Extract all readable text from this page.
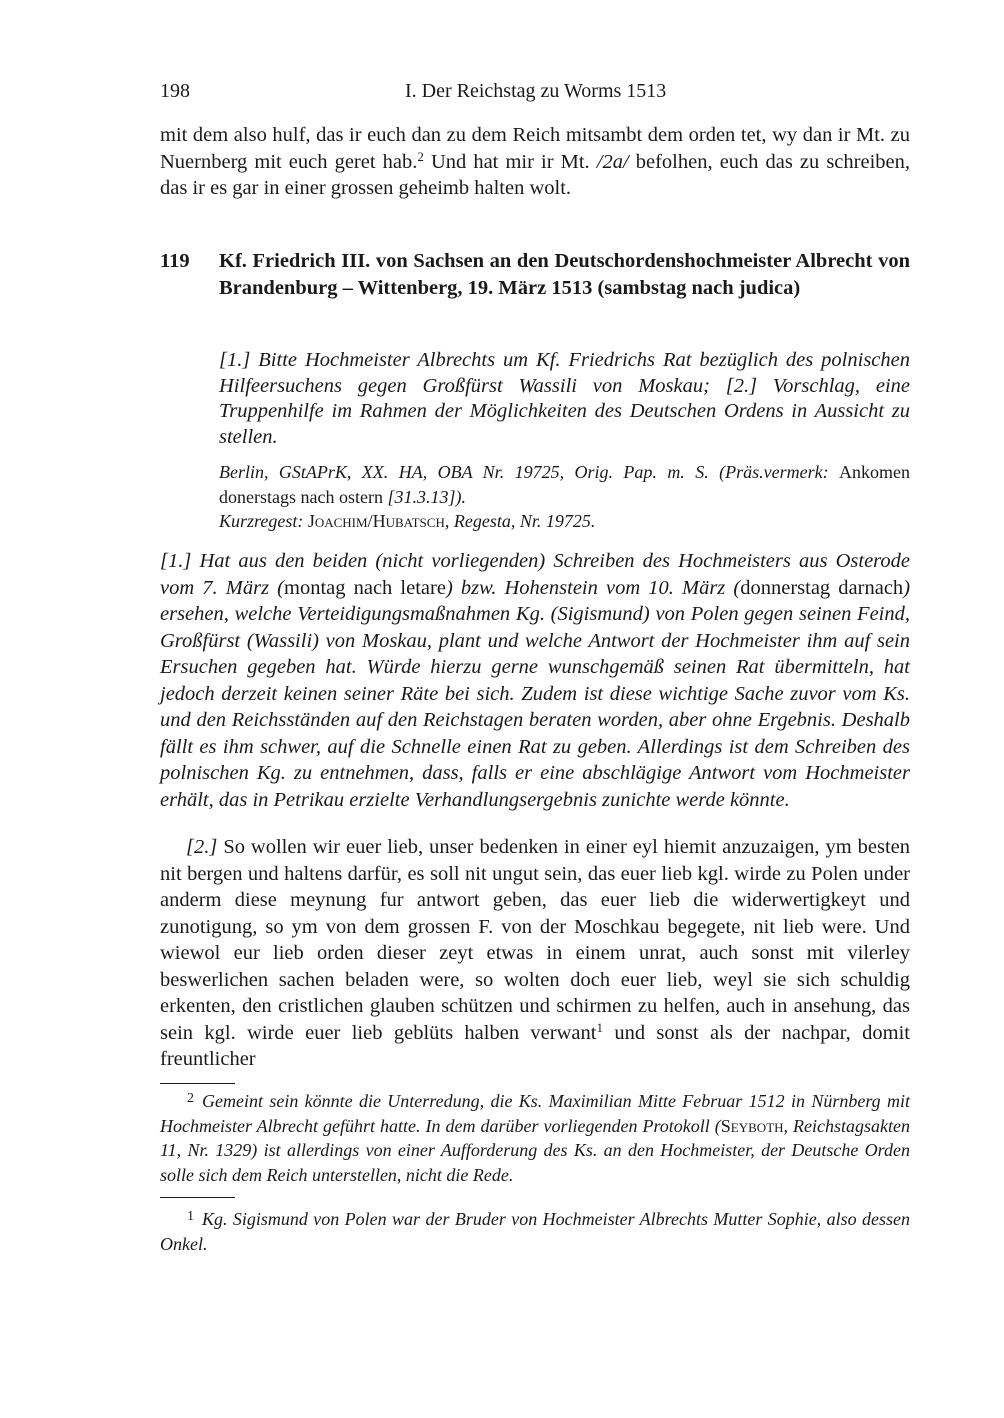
198	I. Der Reichstag zu Worms 1513

mit dem also hulf, das ir euch dan zu dem Reich mitsambt dem orden tet, wy dan ir Mt. zu Nuernberg mit euch geret hab.$^2$ Und hat mir ir Mt. /2a/ befolhen, euch das zu schreiben, das ir es gar in einer grossen geheimb halten wolt.

119 Kf. Friedrich III. von Sachsen an den Deutschordenshochmeister Albrecht von Brandenburg – Wittenberg, 19. März 1513 (sambstag nach judica)

[1.] Bitte Hochmeister Albrechts um Kf. Friedrichs Rat bezüglich des polnischen Hilfeersuchens gegen Großfürst Wassili von Moskau; [2.] Vorschlag, eine Truppenhilfe im Rahmen der Möglichkeiten des Deutschen Ordens in Aussicht zu stellen.

Berlin, GStAPrK, XX. HA, OBA Nr. 19725, Orig. Pap. m. S. (Präs.vermerk: Ankomen donerstags nach ostern [31.3.13]).
Kurzregest: Joachim/Hubatsch, Regesta, Nr. 19725.

[1.] Hat aus den beiden (nicht vorliegenden) Schreiben des Hochmeisters aus Osterode vom 7. März (montag nach letare) bzw. Hohenstein vom 10. März (donnerstag darnach) ersehen, welche Verteidigungsmaßnahmen Kg. (Sigismund) von Polen gegen seinen Feind, Großfürst (Wassili) von Moskau, plant und welche Antwort der Hochmeister ihm auf sein Ersuchen gegeben hat. Würde hierzu gerne wunschgemäß seinen Rat übermitteln, hat jedoch derzeit keinen seiner Räte bei sich. Zudem ist diese wichtige Sache zuvor vom Ks. und den Reichsständen auf den Reichstagen beraten worden, aber ohne Ergebnis. Deshalb fällt es ihm schwer, auf die Schnelle einen Rat zu geben. Allerdings ist dem Schreiben des polnischen Kg. zu entnehmen, dass, falls er eine abschlägige Antwort vom Hochmeister erhält, das in Petrikau erzielte Verhandlungsergebnis zunichte werde könnte.

[2.] So wollen wir euer lieb, unser bedenken in einer eyl hiemit anzuzaigen, ym besten nit bergen und haltens darfür, es soll nit ungut sein, das euer lieb kgl. wirde zu Polen under anderm diese meynung fur antwort geben, das euer lieb die widerwertigkeyt und zunotigung, so ym von dem grossen F. von der Moschkau begegete, nit lieb were. Und wiewol eur lieb orden dieser zeyt etwas in einem unrat, auch sonst mit vilerley beswerlichen sachen beladen were, so wolten doch euer lieb, weyl sie sich schuldig erkenten, den cristlichen glauben schützen und schirmen zu helfen, auch in ansehung, das sein kgl. wirde euer lieb geblüts halben verwant$^1$ und sonst als der nachpar, domit freuntlicher

$^2$ Gemeint sein könnte die Unterredung, die Ks. Maximilian Mitte Februar 1512 in Nürnberg mit Hochmeister Albrecht geführt hatte. In dem darüber vorliegenden Protokoll (Seyboth, Reichstagsakten 11, Nr. 1329) ist allerdings von einer Aufforderung des Ks. an den Hochmeister, der Deutsche Orden solle sich dem Reich unterstellen, nicht die Rede.

$^1$ Kg. Sigismund von Polen war der Bruder von Hochmeister Albrechts Mutter Sophie, also dessen Onkel.
